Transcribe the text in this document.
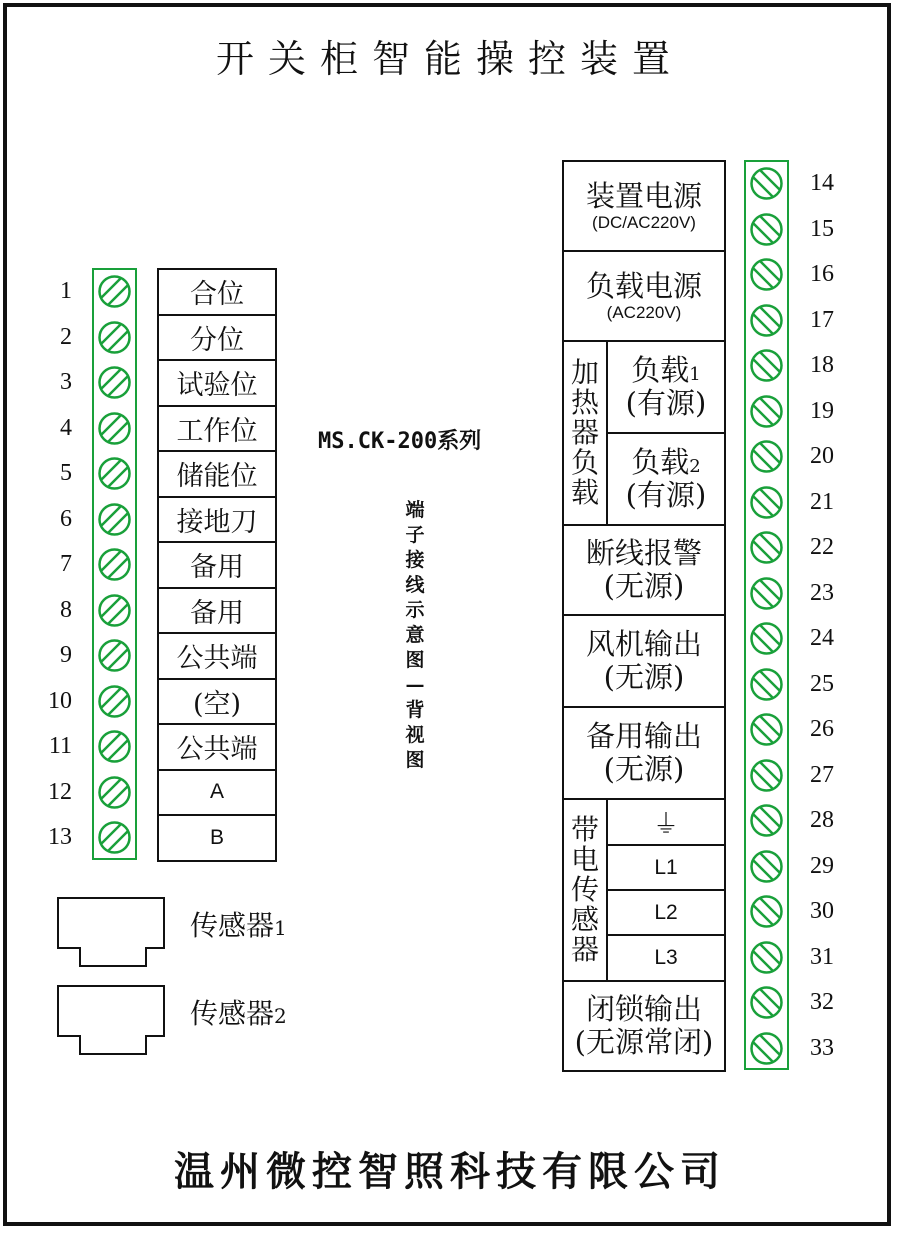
开关柜智能操控装置
MS.CK-200系列
端
子
接
线
示
意
图
—
背
视
图
1
2
3
4
5
6
7
8
9
10
11
12
13
合位
分位
试验位
工作位
储能位
接地刀
备用
备用
公共端
(空)
公共端
A
B
14
15
16
17
18
19
20
21
22
23
24
25
26
27
28
29
30
31
32
33
装置电源
(DC/AC220V)
负载电源
(AC220V)
加
热
器
负
载
负载1
(有源)
负载2
(有源)
断线报警
(无源)
风机输出
(无源)
备用输出
(无源)
带
电
传
感
器
⏚
L1
L2
L3
闭锁输出
(无源常闭)
传感器1
传感器2
温州微控智照科技有限公司
